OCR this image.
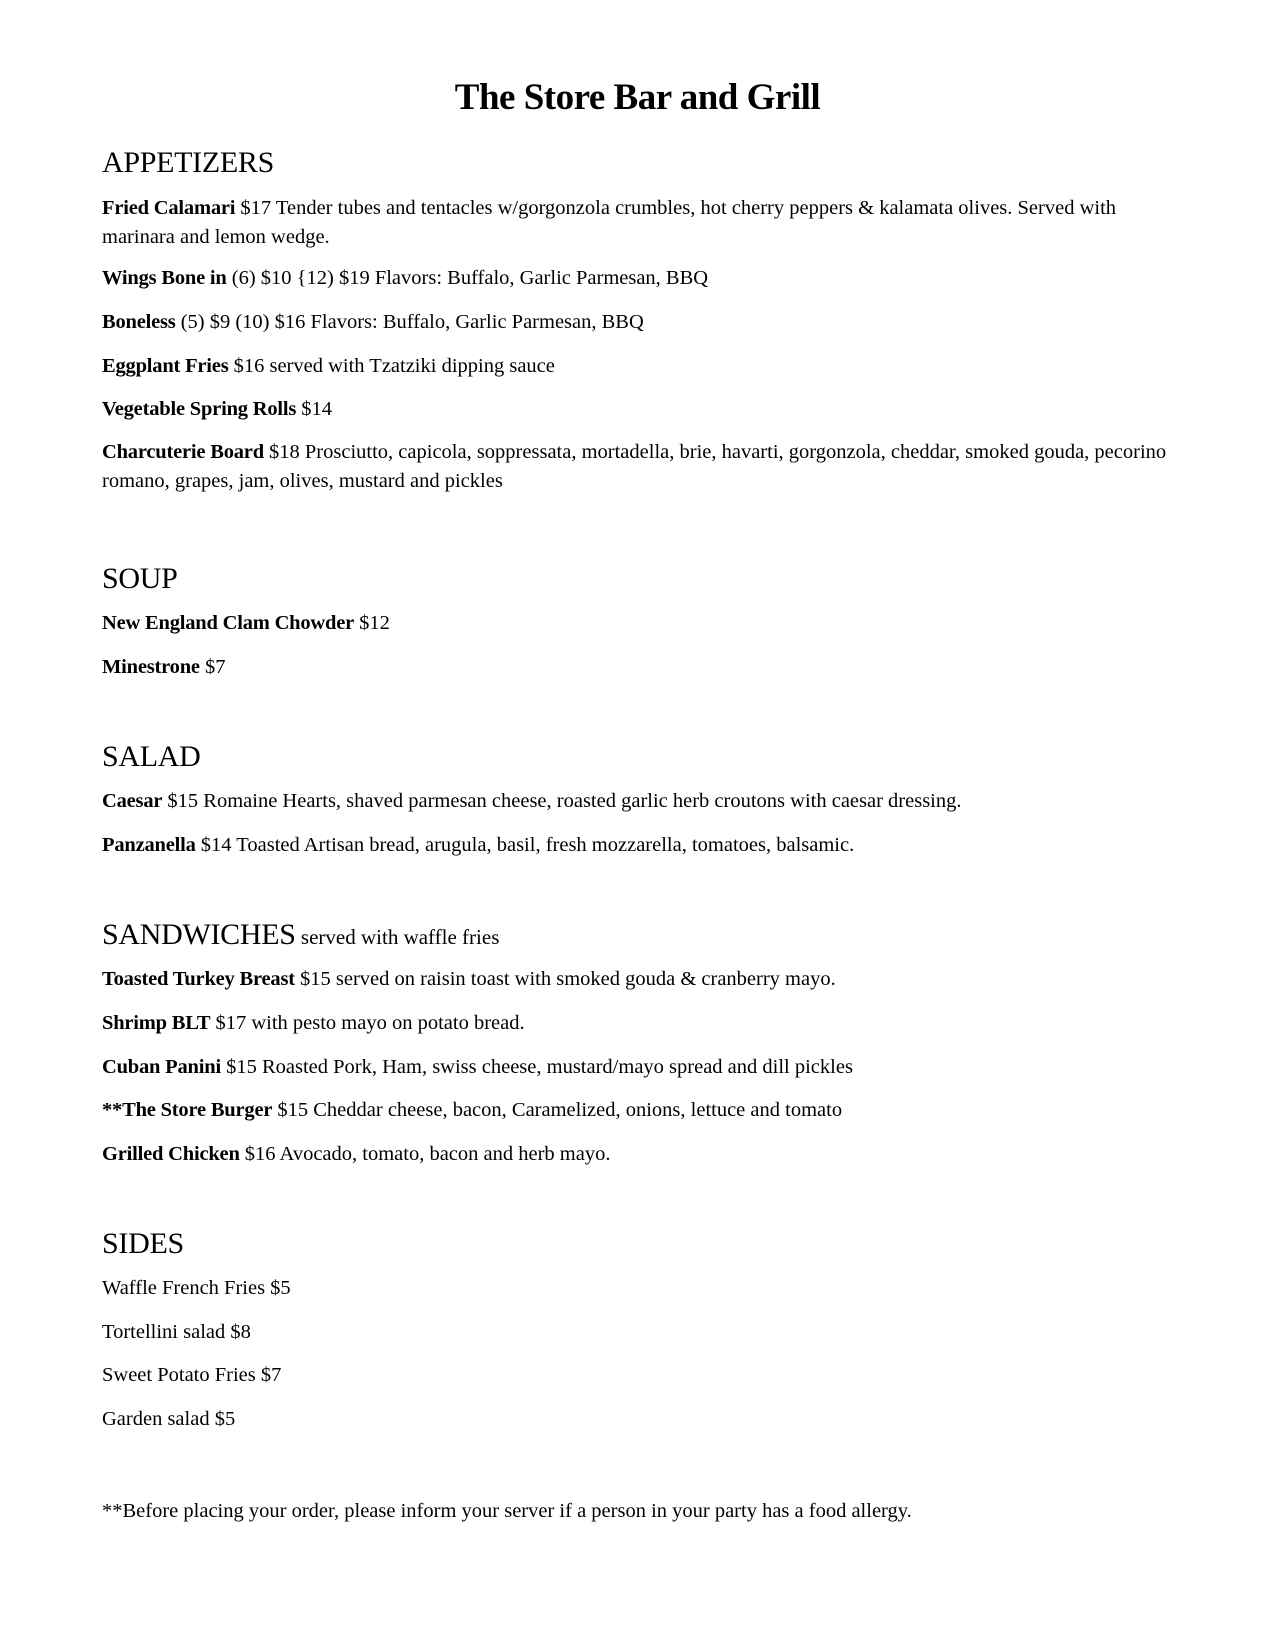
The Store Bar and Grill
APPETIZERS

Fried Calamari $17 Tender tubes and tentacles w/gorgonzola crumbles, hot cherry peppers & kalamata olives. Served with marinara and lemon wedge.

Wings Bone in (6) $10 {12) $19 Flavors: Buffalo, Garlic Parmesan, BBQ

Boneless (5) $9 (10) $16 Flavors: Buffalo, Garlic Parmesan, BBQ

Eggplant Fries $16 served with Tzatziki dipping sauce

Vegetable Spring Rolls $14

Charcuterie Board $18 Prosciutto, capicola, soppressata, mortadella, brie, havarti, gorgonzola, cheddar, smoked gouda, pecorino romano, grapes, jam, olives, mustard and pickles

SOUP

New England Clam Chowder $12

Minestrone $7

SALAD

Caesar $15 Romaine Hearts, shaved parmesan cheese, roasted garlic herb croutons with caesar dressing.

Panzanella $14 Toasted Artisan bread, arugula, basil, fresh mozzarella, tomatoes, balsamic.

SANDWICHES served with waffle fries

Toasted Turkey Breast $15 served on raisin toast with smoked gouda & cranberry mayo.

Shrimp BLT $17 with pesto mayo on potato bread.

Cuban Panini $15 Roasted Pork, Ham, swiss cheese, mustard/mayo spread and dill pickles

**The Store Burger $15 Cheddar cheese, bacon, Caramelized, onions, lettuce and tomato

Grilled Chicken $16 Avocado, tomato, bacon and herb mayo.

SIDES

Waffle French Fries $5

Tortellini salad $8

Sweet Potato Fries $7

Garden salad $5

**Before placing your order, please inform your server if a person in your party has a food allergy.
